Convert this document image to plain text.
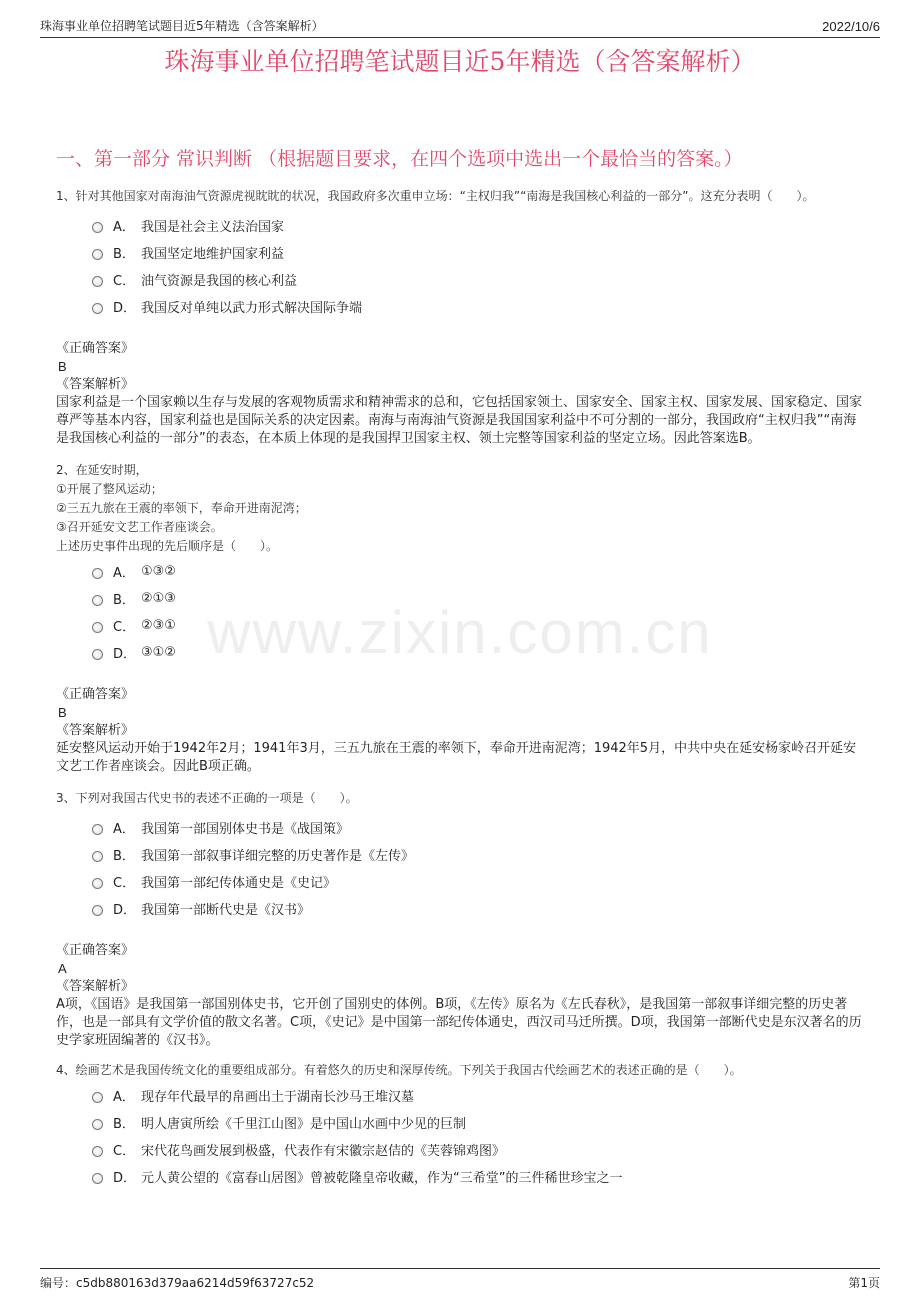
珠海事业单位招聘笔试题目近5年精选（含答案解析）	2022/10/6
珠海事业单位招聘笔试题目近5年精选（含答案解析）
一、第一部分 常识判断 （根据题目要求，在四个选项中选出一个最恰当的答案。）
www.zixin.com.cn
1、针对其他国家对南海油气资源虎视眈眈的状况，我国政府多次重申立场：“主权归我”“南海是我国核心利益的一部分”。这充分表明（　　）。
A． 我国是社会主义法治国家
B． 我国坚定地维护国家利益
C． 油气资源是我国的核心利益
D． 我国反对单纯以武力形式解决国际争端
《正确答案》
B
《答案解析》
国家利益是一个国家赖以生存与发展的客观物质需求和精神需求的总和，它包括国家领土、国家安全、国家主权、国家发展、国家稳定、国家尊严等基本内容，国家利益也是国际关系的决定因素。南海与南海油气资源是我国国家利益中不可分割的一部分，我国政府“主权归我”“南海是我国核心利益的一部分”的表态，在本质上体现的是我国捍卫国家主权、领土完整等国家利益的坚定立场。因此答案选B。
2、在延安时期，
①开展了整风运动；
②三五九旅在王震的率领下，奉命开进南泥湾；
③召开延安文艺工作者座谈会。
上述历史事件出现的先后顺序是（　　）。
A． ①③②
B． ②①③
C． ②③①
D． ③①②
《正确答案》
B
《答案解析》
延安整风运动开始于1942年2月；1941年3月，三五九旅在王震的率领下，奉命开进南泥湾；1942年5月，中共中央在延安杨家岭召开延安文艺工作者座谈会。因此B项正确。
3、下列对我国古代史书的表述不正确的一项是（　　）。
A． 我国第一部国别体史书是《战国策》
B． 我国第一部叙事详细完整的历史著作是《左传》
C． 我国第一部纪传体通史是《史记》
D． 我国第一部断代史是《汉书》
《正确答案》
A
《答案解析》
A项，《国语》是我国第一部国别体史书，它开创了国别史的体例。B项，《左传》原名为《左氏春秋》，是我国第一部叙事详细完整的历史著作，也是一部具有文学价值的散文名著。C项，《史记》是中国第一部纪传体通史，西汉司马迁所撰。D项，我国第一部断代史是东汉著名的历史学家班固编著的《汉书》。
4、绘画艺术是我国传统文化的重要组成部分。有着悠久的历史和深厚传统。下列关于我国古代绘画艺术的表述正确的是（　　）。
A． 现存年代最早的帛画出土于湖南长沙马王堆汉墓
B． 明人唐寅所绘《千里江山图》是中国山水画中少见的巨制
C． 宋代花鸟画发展到极盛，代表作有宋徽宗赵佶的《芙蓉锦鸡图》
D． 元人黄公望的《富春山居图》曾被乾隆皇帝收藏，作为“三希堂”的三件稀世珍宝之一
编号：c5db880163d379aa6214d59f63727c52	第1页
